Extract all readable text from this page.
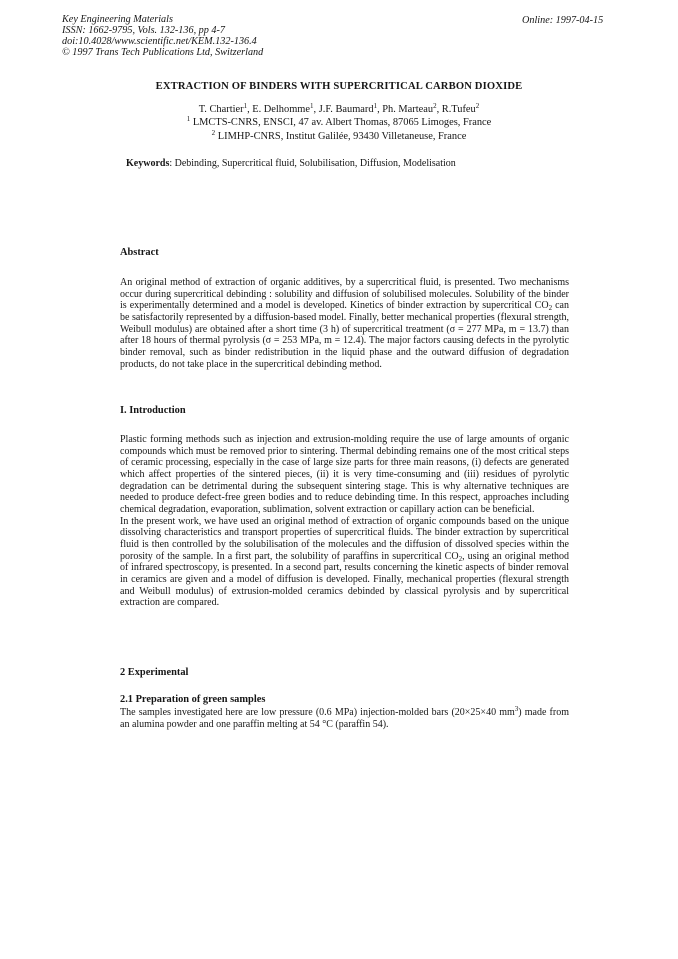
Key Engineering Materials
ISSN: 1662-9795, Vols. 132-136, pp 4-7
doi:10.4028/www.scientific.net/KEM.132-136.4
© 1997 Trans Tech Publications Ltd, Switzerland
Online: 1997-04-15
EXTRACTION OF BINDERS WITH SUPERCRITICAL CARBON DIOXIDE
T. Chartier$^1$, E. Delhomme$^1$, J.F. Baumard$^1$, Ph. Marteau$^2$, R.Tufeu$^2$
$^1$ LMCTS-CNRS, ENSCI, 47 av. Albert Thomas, 87065 Limoges, France
$^2$ LIMHP-CNRS, Institut Galilée, 93430 Villetaneuse, France
Keywords: Debinding, Supercritical fluid, Solubilisation, Diffusion, Modelisation
Abstract

An original method of extraction of organic additives, by a supercritical fluid, is presented. Two mechanisms occur during supercritical debinding : solubility and diffusion of solubilised molecules. Solubility of the binder is experimentally determined and a model is developed. Kinetics of binder extraction by supercritical $CO_2$ can be satisfactorily represented by a diffusion-based model. Finally, better mechanical properties (flexural strength, Weibull modulus) are obtained after a short time (3 h) of supercritical treatment (σ = 277 MPa, m = 13.7) than after 18 hours of thermal pyrolysis (σ = 253 MPa, m = 12.4). The major factors causing defects in the pyrolytic binder removal, such as binder redistribution in the liquid phase and the outward diffusion of degradation products, do not take place in the supercritical debinding method.

I. Introduction

Plastic forming methods such as injection and extrusion-molding require the use of large amounts of organic compounds which must be removed prior to sintering. Thermal debinding remains one of the most critical steps of ceramic processing, especially in the case of large size parts for three main reasons, (i) defects are generated which affect properties of the sintered pieces, (ii) it is very time-consuming and (iii) residues of pyrolytic degradation can be detrimental during the subsequent sintering stage. This is why alternative techniques are needed to produce defect-free green bodies and to reduce debinding time. In this respect, approaches including chemical degradation, evaporation, sublimation, solvent extraction or capillary action can be beneficial.

In the present work, we have used an original method of extraction of organic compounds based on the unique dissolving characteristics and transport properties of supercritical fluids. The binder extraction by supercritical fluid is then controlled by the solubilisation of the molecules and the diffusion of dissolved species within the porosity of the sample. In a first part, the solubility of paraffins in supercritical $CO_2$, using an original method of infrared spectroscopy, is presented. In a second part, results concerning the kinetic aspects of binder removal in ceramics are given and a model of diffusion is developed. Finally, mechanical properties (flexural strength and Weibull modulus) of extrusion-molded ceramics debinded by classical pyrolysis and by supercritical extraction are compared.

2 Experimental
2.1 Preparation of green samples

The samples investigated here are low pressure (0.6 MPa) injection-molded bars (20×25×40 $mm^3$) made from an alumina powder and one paraffin melting at 54 °C (paraffin 54).
